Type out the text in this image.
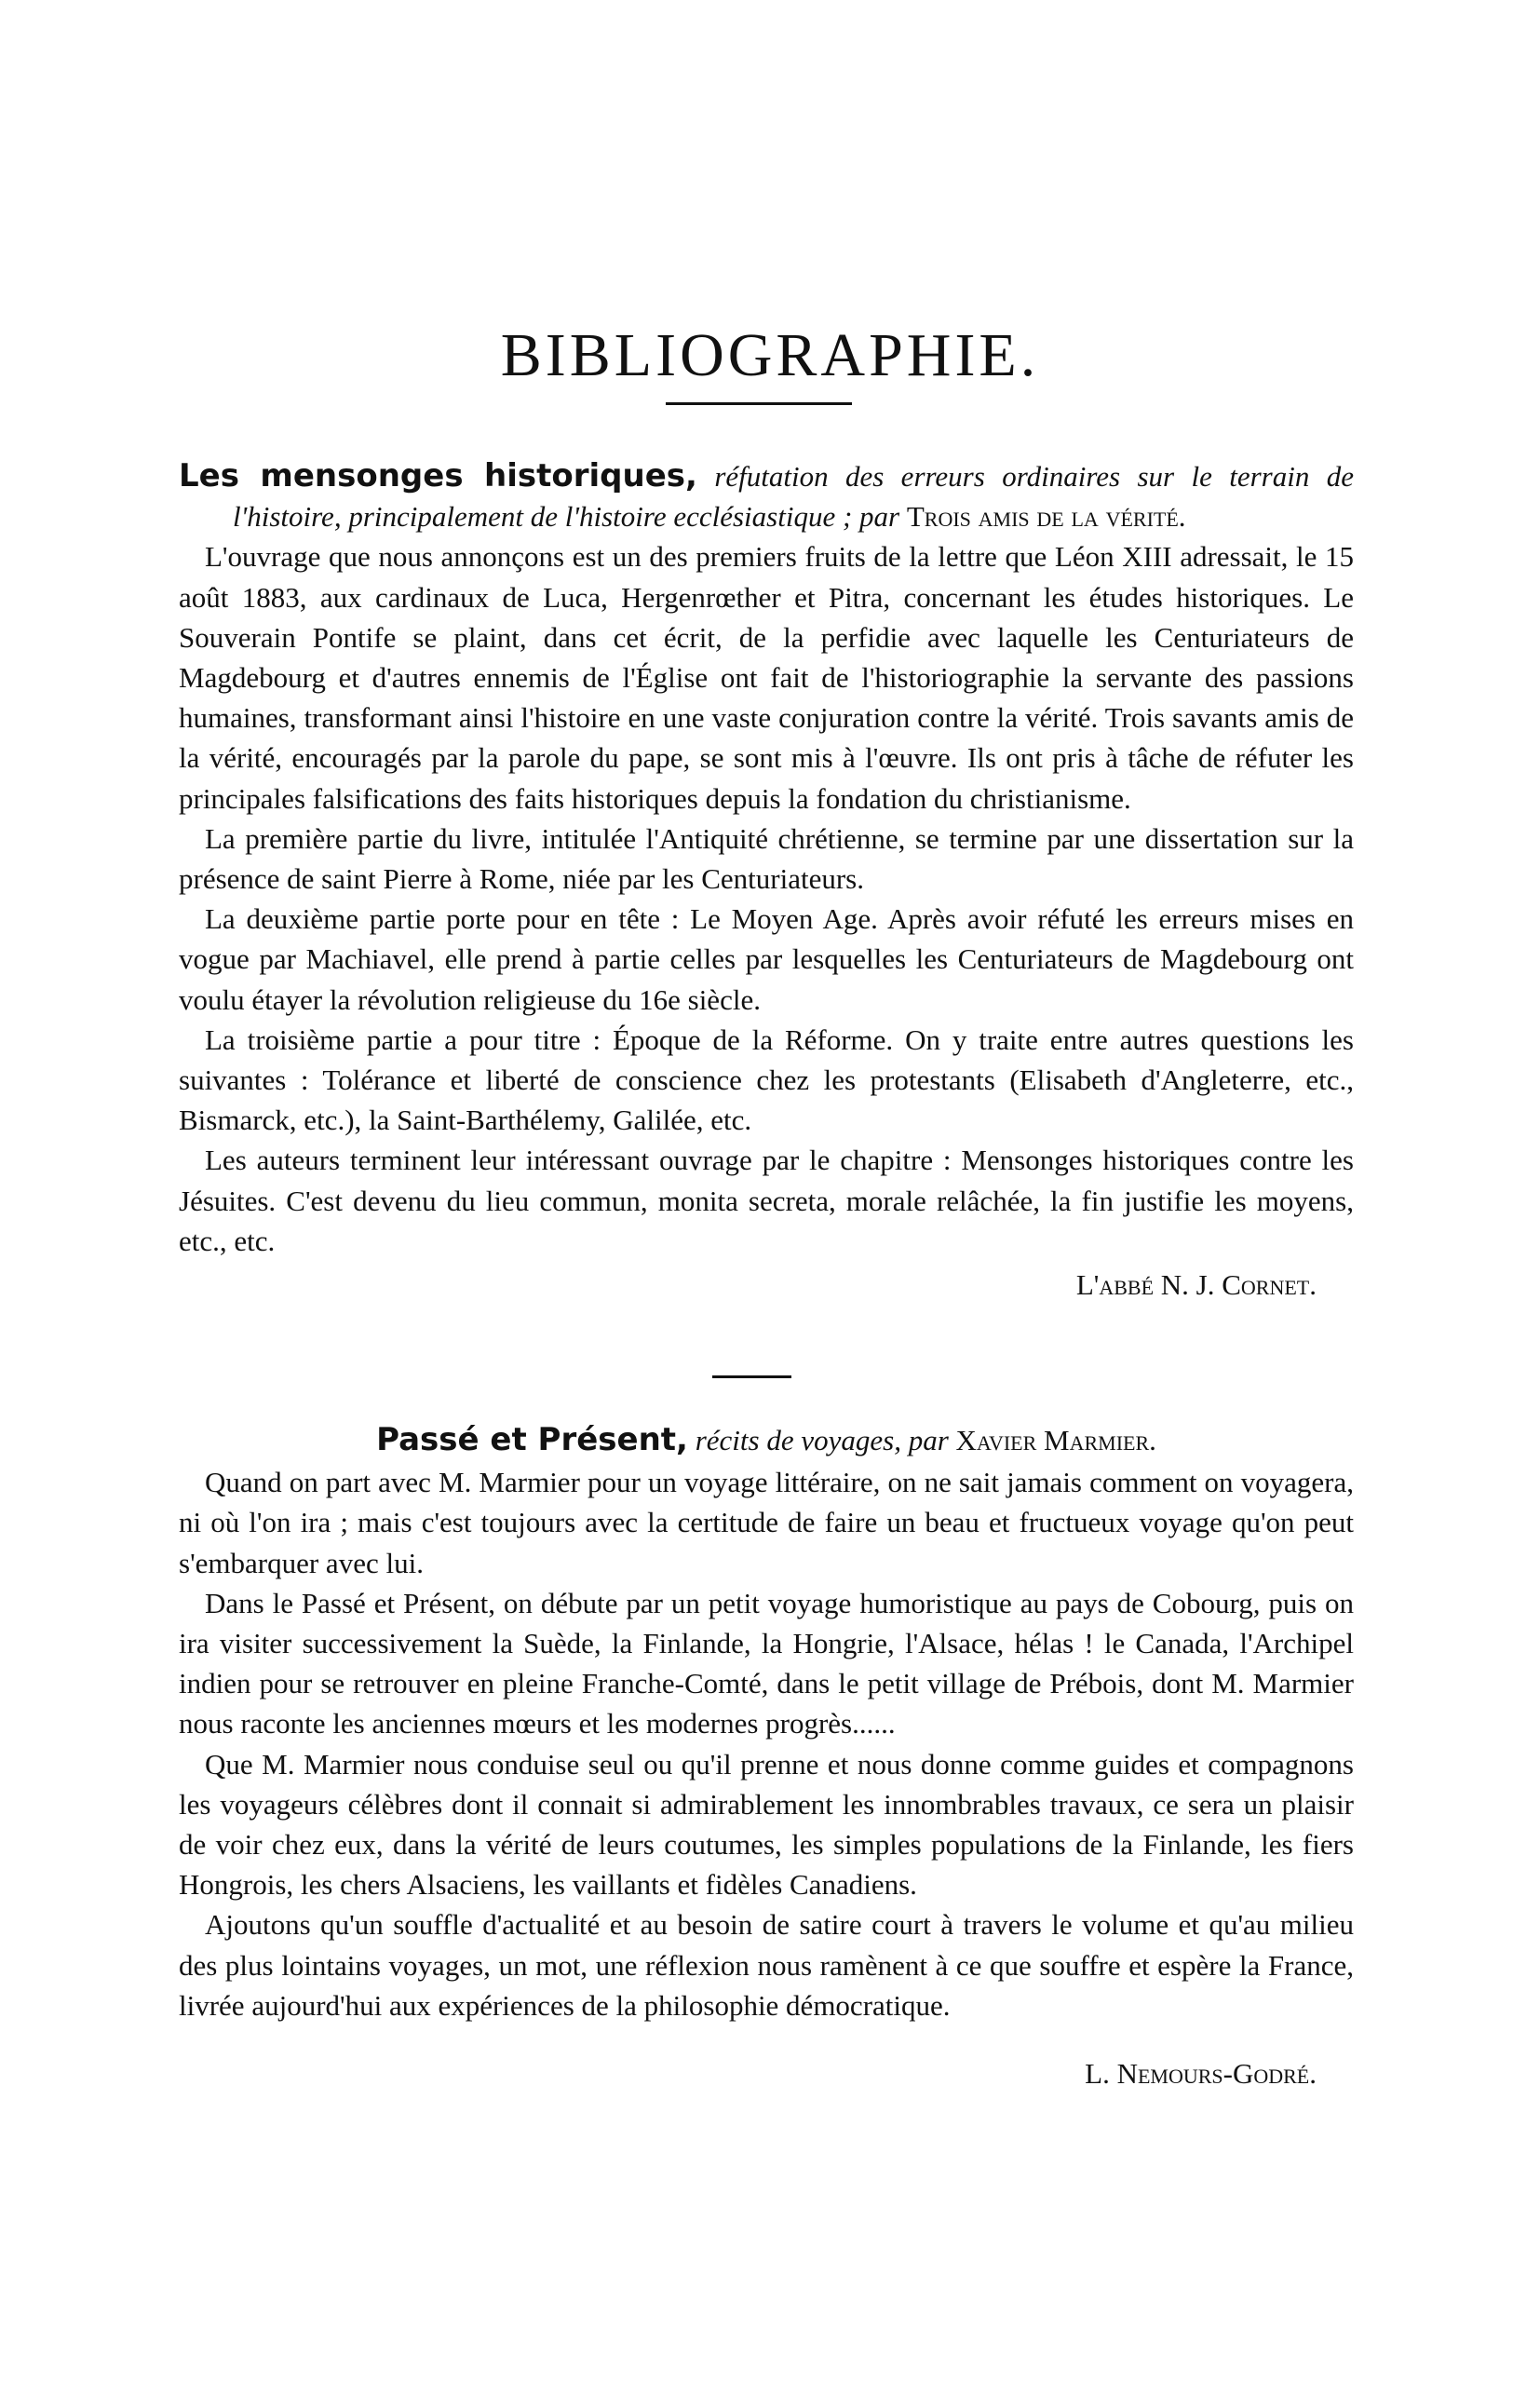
BIBLIOGRAPHIE.

Les mensonges historiques, réfutation des erreurs ordinaires sur le terrain de l'histoire, principalement de l'histoire ecclésiastique ; par Trois amis de la vérité.

L'ouvrage que nous annonçons est un des premiers fruits de la lettre que Léon XIII adressait, le 15 août 1883, aux cardinaux de Luca, Hergenrœther et Pitra, concernant les études historiques. Le Souverain Pontife se plaint, dans cet écrit, de la perfidie avec laquelle les Centuriateurs de Magdebourg et d'autres ennemis de l'Église ont fait de l'historiographie la servante des passions humaines, transformant ainsi l'histoire en une vaste conjuration contre la vérité. Trois savants amis de la vérité, encouragés par la parole du pape, se sont mis à l'œuvre. Ils ont pris à tâche de réfuter les principales falsifications des faits historiques depuis la fondation du christianisme.

La première partie du livre, intitulée l'Antiquité chrétienne, se termine par une dissertation sur la présence de saint Pierre à Rome, niée par les Centuriateurs.

La deuxième partie porte pour en tête : Le Moyen Age. Après avoir réfuté les erreurs mises en vogue par Machiavel, elle prend à partie celles par lesquelles les Centuriateurs de Magdebourg ont voulu étayer la révolution religieuse du 16e siècle.

La troisième partie a pour titre : Époque de la Réforme. On y traite entre autres questions les suivantes : Tolérance et liberté de conscience chez les protestants (Elisabeth d'Angleterre, etc., Bismarck, etc.), la Saint-Barthélemy, Galilée, etc.

Les auteurs terminent leur intéressant ouvrage par le chapitre : Mensonges historiques contre les Jésuites. C'est devenu du lieu commun, monita secreta, morale relâchée, la fin justifie les moyens, etc., etc.

L'abbé N. J. Cornet.

Passé et Présent, récits de voyages, par Xavier Marmier.

Quand on part avec M. Marmier pour un voyage littéraire, on ne sait jamais comment on voyagera, ni où l'on ira ; mais c'est toujours avec la certitude de faire un beau et fructueux voyage qu'on peut s'embarquer avec lui.

Dans le Passé et Présent, on débute par un petit voyage humoristique au pays de Cobourg, puis on ira visiter successivement la Suède, la Finlande, la Hongrie, l'Alsace, hélas ! le Canada, l'Archipel indien pour se retrouver en pleine Franche-Comté, dans le petit village de Prébois, dont M. Marmier nous raconte les anciennes mœurs et les modernes progrès......

Que M. Marmier nous conduise seul ou qu'il prenne et nous donne comme guides et compagnons les voyageurs célèbres dont il connait si admirablement les innombrables travaux, ce sera un plaisir de voir chez eux, dans la vérité de leurs coutumes, les simples populations de la Finlande, les fiers Hongrois, les chers Alsaciens, les vaillants et fidèles Canadiens.

Ajoutons qu'un souffle d'actualité et au besoin de satire court à travers le volume et qu'au milieu des plus lointains voyages, un mot, une réflexion nous ramènent à ce que souffre et espère la France, livrée aujourd'hui aux expériences de la philosophie démocratique.

L. Nemours-Godré.
